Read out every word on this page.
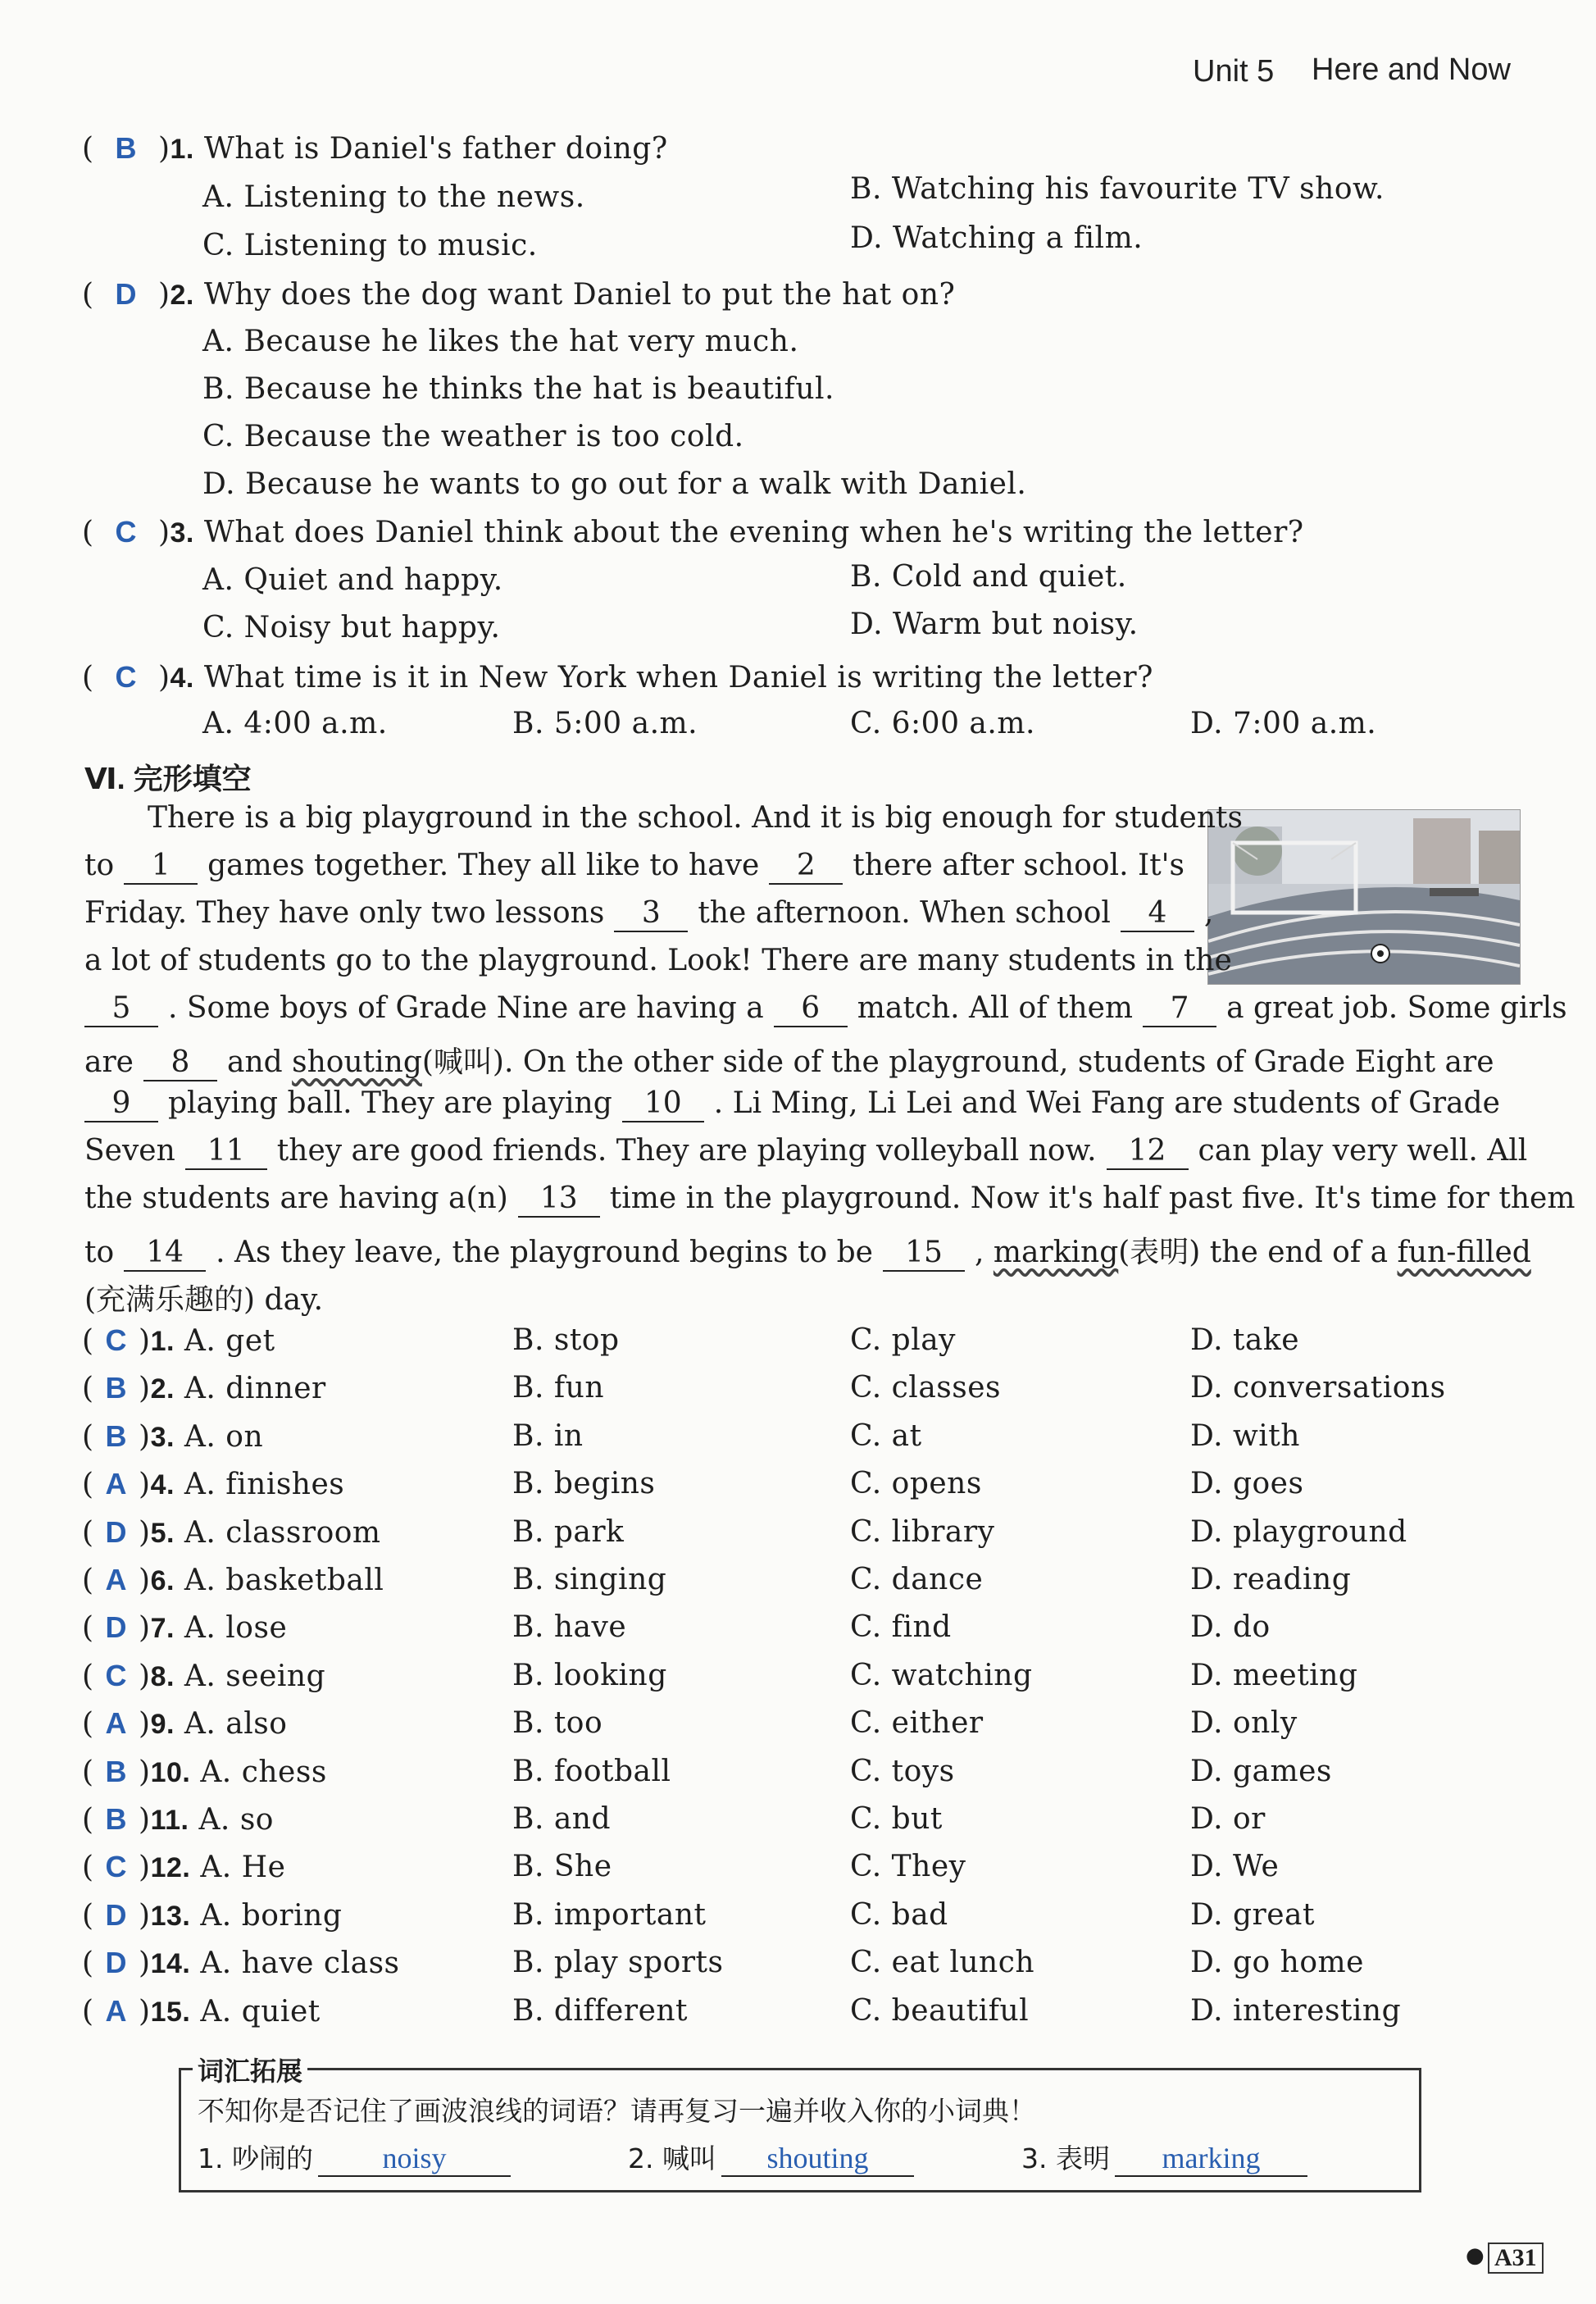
Unit 5 Here and Now
( B )1. What is Daniel's father doing?
A. Listening to the news.	B. Watching his favourite TV show.
C. Listening to music.	D. Watching a film.
( D )2. Why does the dog want Daniel to put the hat on?
A. Because he likes the hat very much.
B. Because he thinks the hat is beautiful.
C. Because the weather is too cold.
D. Because he wants to go out for a walk with Daniel.
( C )3. What does Daniel think about the evening when he's writing the letter?
A. Quiet and happy.	B. Cold and quiet.
C. Noisy but happy.	D. Warm but noisy.
( C )4. What time is it in New York when Daniel is writing the letter?
A. 4:00 a.m.	B. 5:00 a.m.	C. 6:00 a.m.	D. 7:00 a.m.
Ⅵ. 完形填空
There is a big playground in the school. And it is big enough for students
to 1 games together. They all like to have 2 there after school. It's
Friday. They have only two lessons 3 the afternoon. When school 4 ,
a lot of students go to the playground. Look! There are many students in the
5 . Some boys of Grade Nine are having a 6 match. All of them 7 a great job. Some girls
are 8 and shouting(喊叫). On the other side of the playground, students of Grade Eight are
9 playing ball. They are playing 10 . Li Ming, Li Lei and Wei Fang are students of Grade
Seven 11 they are good friends. They are playing volleyball now. 12 can play very well. All
the students are having a(n) 13 time in the playground. Now it's half past five. It's time for them
to 14 . As they leave, the playground begins to be 15 , marking(表明) the end of a fun-filled
(充满乐趣的) day.
( C )1. A. get	B. stop	C. play	D. take
( B )2. A. dinner	B. fun	C. classes	D. conversations
( B )3. A. on	B. in	C. at	D. with
( A )4. A. finishes	B. begins	C. opens	D. goes
( D )5. A. classroom	B. park	C. library	D. playground
( A )6. A. basketball	B. singing	C. dance	D. reading
( D )7. A. lose	B. have	C. find	D. do
( C )8. A. seeing	B. looking	C. watching	D. meeting
( A )9. A. also	B. too	C. either	D. only
( B )10. A. chess	B. football	C. toys	D. games
( B )11. A. so	B. and	C. but	D. or
( C )12. A. He	B. She	C. They	D. We
( D )13. A. boring	B. important	C. bad	D. great
( D )14. A. have class	B. play sports	C. eat lunch	D. go home
( A )15. A. quiet	B. different	C. beautiful	D. interesting
词汇拓展
不知你是否记住了画波浪线的词语？请再复习一遍并收入你的小词典！
1. 吵闹的 noisy	2. 喊叫 shouting	3. 表明 marking
● A31
